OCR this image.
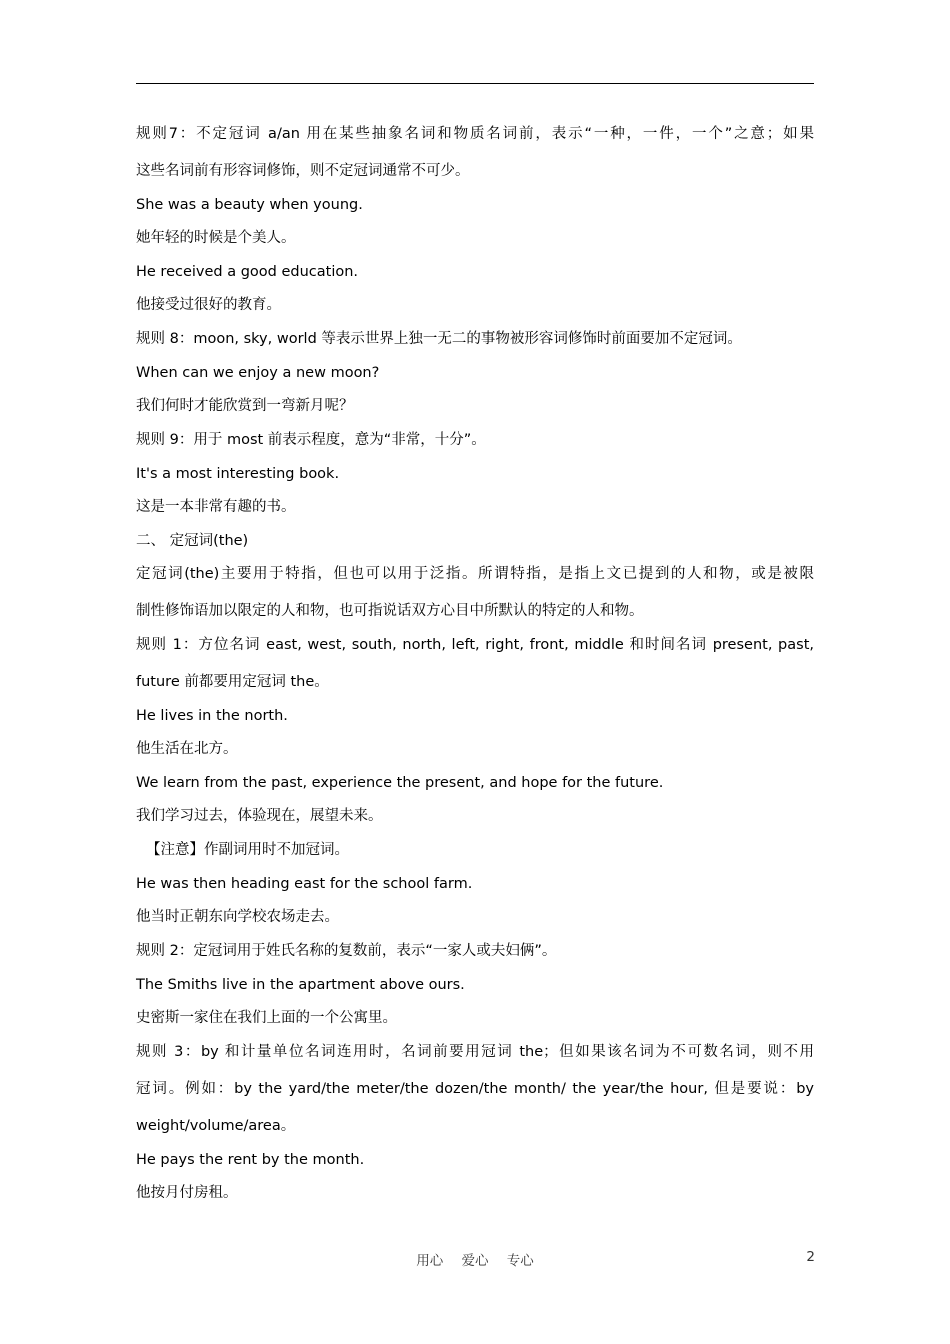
规则7：不定冠词 a/an 用在某些抽象名词和物质名词前，表示“一种，一件，一个”之意；如果
这些名词前有形容词修饰，则不定冠词通常不可少。
She was a beauty when young.
她年轻的时候是个美人。
He received a good education.
他接受过很好的教育。
规则 8：moon, sky, world 等表示世界上独一无二的事物被形容词修饰时前面要加不定冠词。
When can we enjoy a new moon?
我们何时才能欣赏到一弯新月呢？
规则 9：用于 most 前表示程度，意为“非常，十分”。
It's a most interesting book.
这是一本非常有趣的书。
二、 定冠词(the)
定冠词(the)主要用于特指，但也可以用于泛指。所谓特指，是指上文已提到的人和物，或是被限
制性修饰语加以限定的人和物，也可指说话双方心目中所默认的特定的人和物。
规则 1：方位名词 east, west, south, north, left, right, front, middle 和时间名词 present, past,
future 前都要用定冠词 the。
He lives in the north.
他生活在北方。
We learn from the past, experience the present, and hope for the future.
我们学习过去，体验现在，展望未来。
【注意】作副词用时不加冠词。
He was then heading east for the school farm.
他当时正朝东向学校农场走去。
规则 2：定冠词用于姓氏名称的复数前，表示“一家人或夫妇俩”。
The Smiths live in the apartment above ours.
史密斯一家住在我们上面的一个公寓里。
规则 3：by 和计量单位名词连用时，名词前要用冠词 the；但如果该名词为不可数名词，则不用
冠词。例如：by the yard/the meter/the dozen/the month/ the year/the hour, 但是要说：by
weight/volume/area。
He pays the rent by the month.
他按月付房租。
用心 爱心 专心	2
